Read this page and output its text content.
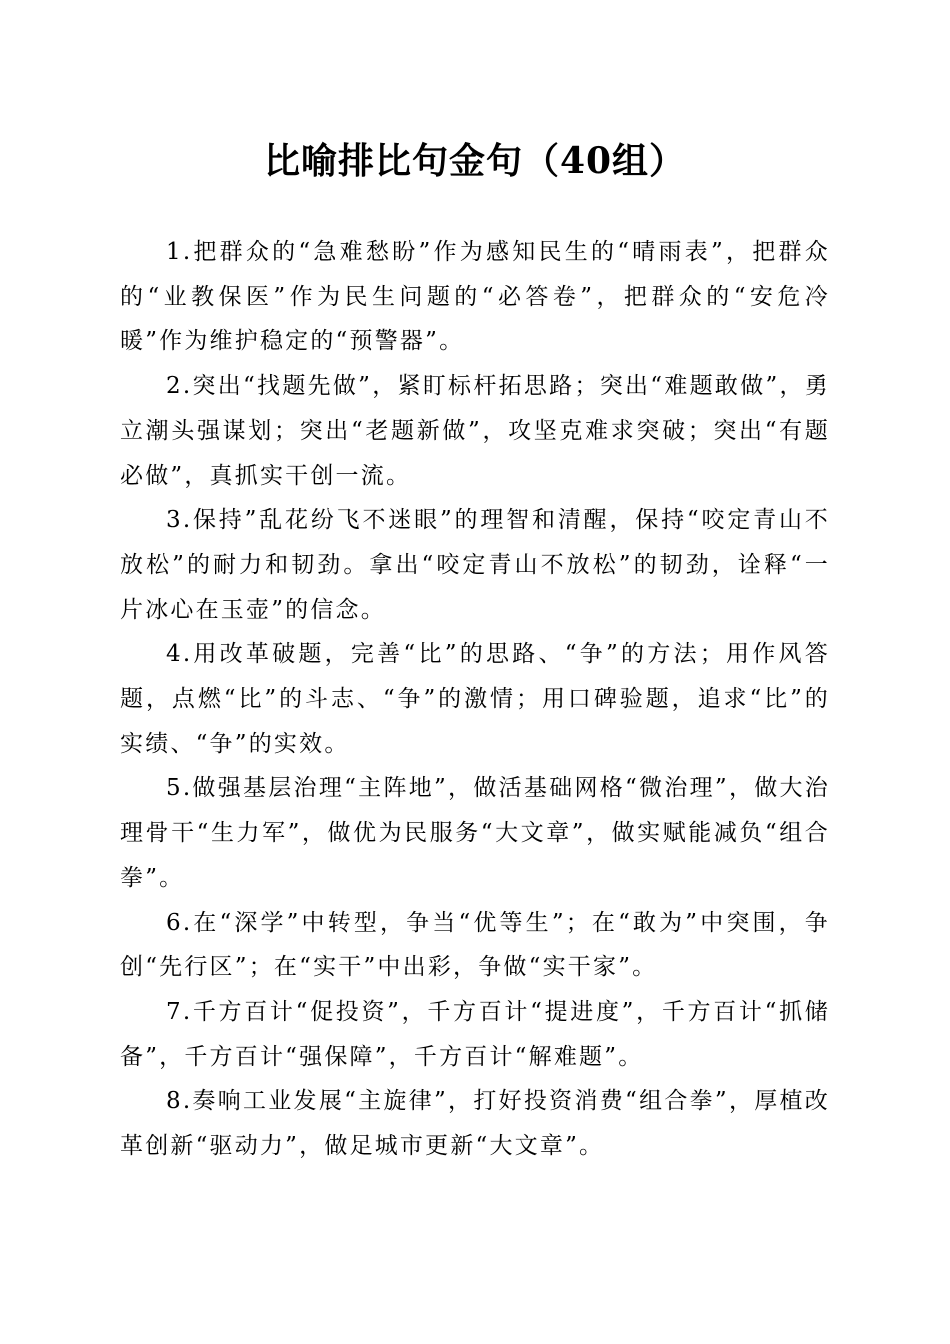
比喻排比句金句（40组）

1.把群众的“急难愁盼”作为感知民生的“晴雨表”，把群众的“业教保医”作为民生问题的“必答卷”，把群众的“安危冷暖”作为维护稳定的“预警器”。

2.突出“找题先做”，紧盯标杆拓思路；突出“难题敢做”，勇立潮头强谋划；突出“老题新做”，攻坚克难求突破；突出“有题必做”，真抓实干创一流。

3.保持”乱花纷飞不迷眼”的理智和清醒，保持“咬定青山不放松”的耐力和韧劲。拿出“咬定青山不放松”的韧劲，诠释“一片冰心在玉壶”的信念。

4.用改革破题，完善“比”的思路、“争”的方法；用作风答题，点燃“比”的斗志、“争”的激情；用口碑验题，追求“比”的实绩、“争”的实效。

5.做强基层治理“主阵地”，做活基础网格“微治理”，做大治理骨干“生力军”，做优为民服务“大文章”，做实赋能减负“组合拳”。

6.在“深学”中转型，争当“优等生”；在“敢为”中突围，争创“先行区”；在“实干”中出彩，争做“实干家”。

7.千方百计“促投资”，千方百计“提进度”，千方百计“抓储备”，千方百计“强保障”，千方百计“解难题”。

8.奏响工业发展“主旋律”，打好投资消费“组合拳”，厚植改革创新“驱动力”，做足城市更新“大文章”。
